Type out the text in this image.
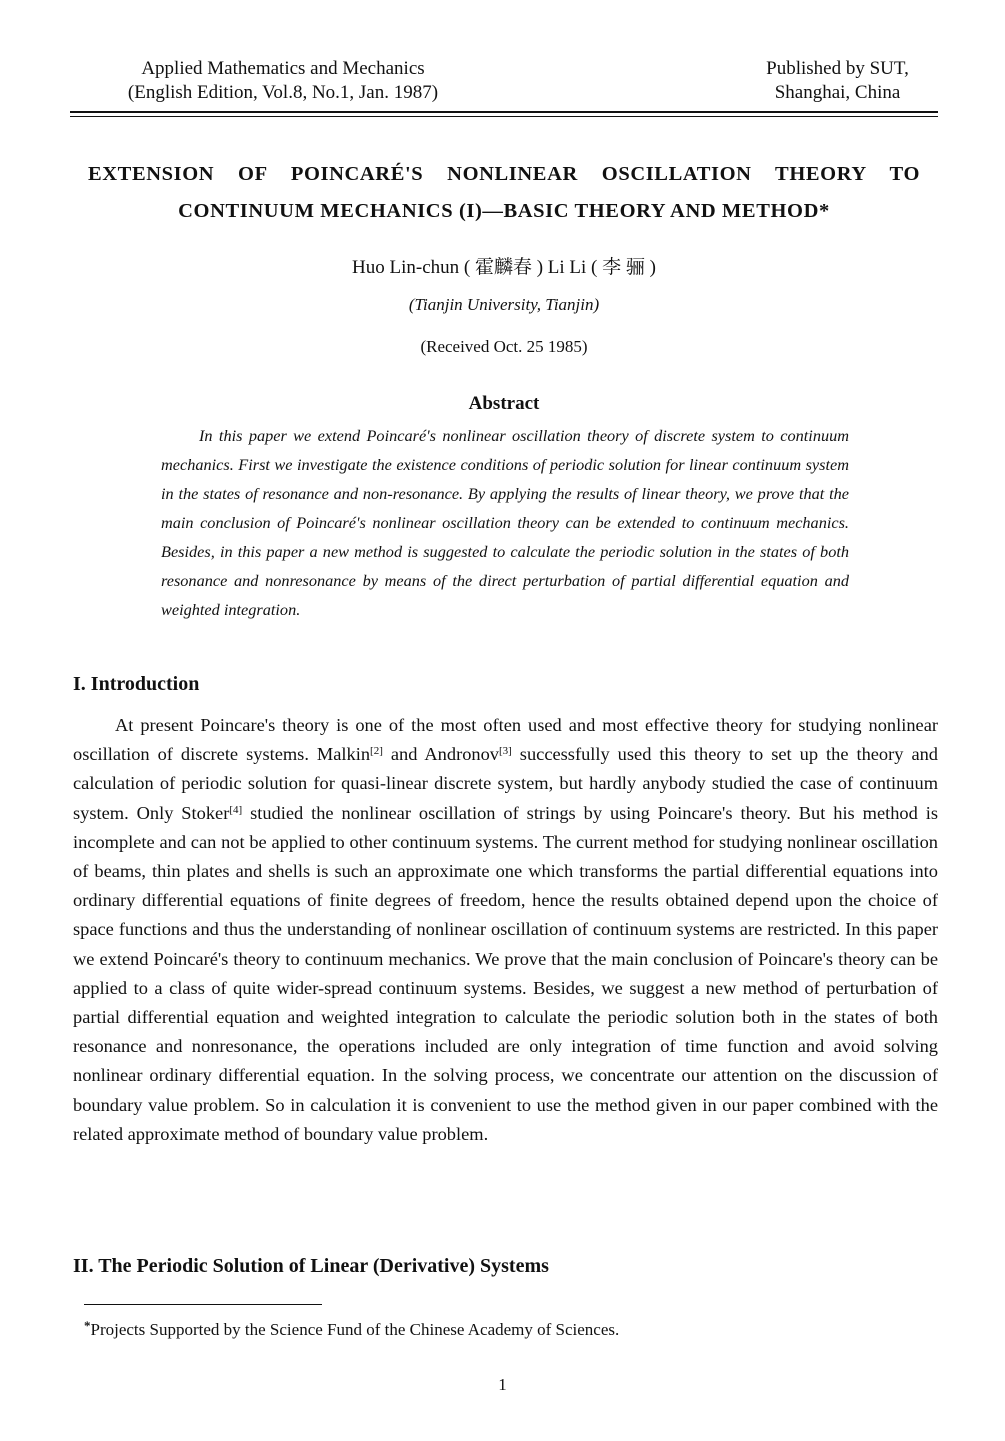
Applied Mathematics and Mechanics
(English Edition, Vol.8, No.1, Jan. 1987)
Published by SUT,
Shanghai, China
EXTENSION OF POINCARÉ'S NONLINEAR OSCILLATION THEORY TO
CONTINUUM MECHANICS (I)—BASIC THEORY AND METHOD*
Huo Lin-chun ( 霍麟春 ) Li Li ( 李 骊 )
(Tianjin University, Tianjin)
(Received Oct. 25 1985)
Abstract
In this paper we extend Poincaré's nonlinear oscillation theory of discrete system to continuum mechanics. First we investigate the existence conditions of periodic solution for linear continuum system in the states of resonance and non-resonance. By applying the results of linear theory, we prove that the main conclusion of Poincaré's nonlinear oscillation theory can be extended to continuum mechanics. Besides, in this paper a new method is suggested to calculate the periodic solution in the states of both resonance and nonresonance by means of the direct perturbation of partial differential equation and weighted integration.
I. Introduction

At present Poincare's theory is one of the most often used and most effective theory for studying nonlinear oscillation of discrete systems. Malkin[2] and Andronov[3] successfully used this theory to set up the theory and calculation of periodic solution for quasi-linear discrete system, but hardly anybody studied the case of continuum system. Only Stoker[4] studied the nonlinear oscillation of strings by using Poincare's theory. But his method is incomplete and can not be applied to other continuum systems. The current method for studying nonlinear oscillation of beams, thin plates and shells is such an approximate one which transforms the partial differential equations into ordinary differential equations of finite degrees of freedom, hence the results obtained depend upon the choice of space functions and thus the understanding of nonlinear oscillation of continuum systems are restricted. In this paper we extend Poincaré's theory to continuum mechanics. We prove that the main conclusion of Poincare's theory can be applied to a class of quite wider-spread continuum systems. Besides, we suggest a new method of perturbation of partial differential equation and weighted integration to calculate the periodic solution both in the states of both resonance and nonresonance, the operations included are only integration of time function and avoid solving nonlinear ordinary differential equation. In the solving process, we concentrate our attention on the discussion of boundary value problem. So in calculation it is convenient to use the method given in our paper combined with the related approximate method of boundary value problem.

II. The Periodic Solution of Linear (Derivative) Systems
*Projects Supported by the Science Fund of the Chinese Academy of Sciences.
1
